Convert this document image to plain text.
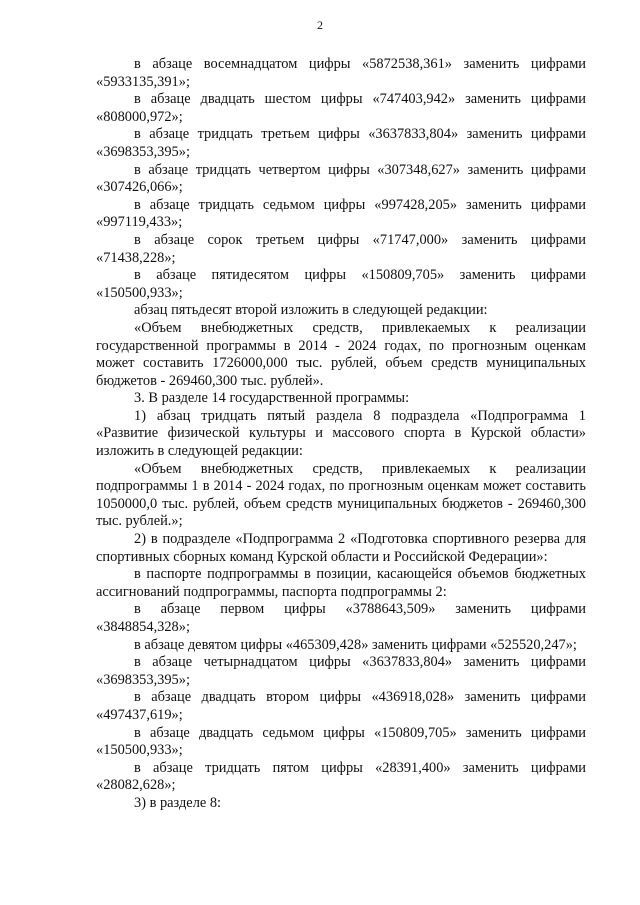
2

в абзаце восемнадцатом цифры «5872538,361» заменить цифрами «5933135,391»;

в абзаце двадцать шестом цифры «747403,942» заменить цифрами «808000,972»;

в абзаце тридцать третьем цифры «3637833,804» заменить цифрами «3698353,395»;

в абзаце тридцать четвертом цифры «307348,627» заменить цифрами «307426,066»;

в абзаце тридцать седьмом цифры «997428,205» заменить цифрами «997119,433»;

в абзаце сорок третьем цифры «71747,000» заменить цифрами «71438,228»;

в абзаце пятидесятом цифры «150809,705» заменить цифрами «150500,933»;

абзац пятьдесят второй изложить в следующей редакции:

«Объем внебюджетных средств, привлекаемых к реализации государственной программы в 2014 - 2024 годах, по прогнозным оценкам может составить 1726000,000 тыс. рублей, объем средств муниципальных бюджетов - 269460,300 тыс. рублей».

3. В разделе 14 государственной программы:

1) абзац тридцать пятый раздела 8 подраздела «Подпрограмма 1 «Развитие физической культуры и массового спорта в Курской области» изложить в следующей редакции:

«Объем внебюджетных средств, привлекаемых к реализации подпрограммы 1 в 2014 - 2024 годах, по прогнозным оценкам может составить 1050000,0 тыс. рублей, объем средств муниципальных бюджетов - 269460,300 тыс. рублей.»;

2) в подразделе «Подпрограмма 2 «Подготовка спортивного резерва для спортивных сборных команд Курской области и Российской Федерации»:

в паспорте подпрограммы в позиции, касающейся объемов бюджетных ассигнований подпрограммы, паспорта подпрограммы 2:

в абзаце первом цифры «3788643,509» заменить цифрами «3848854,328»;

в абзаце девятом цифры «465309,428» заменить цифрами «525520,247»;

в абзаце четырнадцатом цифры «3637833,804» заменить цифрами «3698353,395»;

в абзаце двадцать втором цифры «436918,028» заменить цифрами «497437,619»;

в абзаце двадцать седьмом цифры «150809,705» заменить цифрами «150500,933»;

в абзаце тридцать пятом цифры «28391,400» заменить цифрами «28082,628»;

3) в разделе 8:
